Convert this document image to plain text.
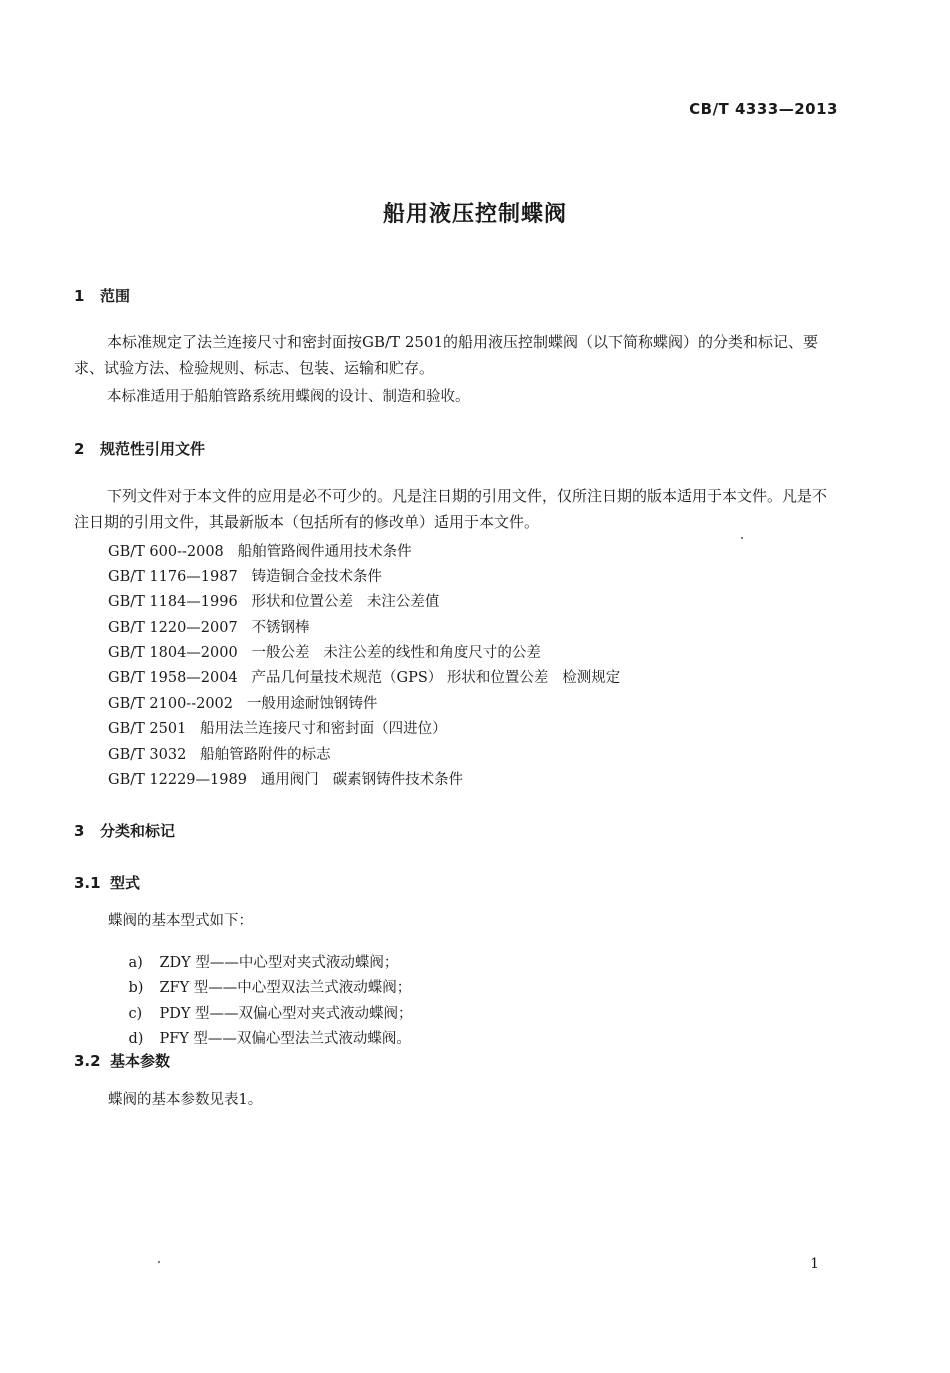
CB/T 4333—2013
船用液压控制蝶阀
1 范围
本标准规定了法兰连接尺寸和密封面按GB/T 2501的船用液压控制蝶阀（以下简称蝶阀）的分类和标记、要求、试验方法、检验规则、标志、包装、运输和贮存。
本标准适用于船舶管路系统用蝶阀的设计、制造和验收。
2 规范性引用文件
下列文件对于本文件的应用是必不可少的。凡是注日期的引用文件，仅所注日期的版本适用于本文件。凡是不注日期的引用文件，其最新版本（包括所有的修改单）适用于本文件。
GB/T 600--2008   船舶管路阀件通用技术条件
GB/T 1176—1987   铸造铜合金技术条件
GB/T 1184—1996   形状和位置公差   未注公差值
GB/T 1220—2007   不锈钢棒
GB/T 1804—2000   一般公差   未注公差的线性和角度尺寸的公差
GB/T 1958—2004   产品几何量技术规范（GPS） 形状和位置公差   检测规定
GB/T 2100--2002   一般用途耐蚀钢铸件
GB/T 2501   船用法兰连接尺寸和密封面（四进位）
GB/T 3032   船舶管路附件的标志
GB/T 12229—1989   通用阀门   碳素钢铸件技术条件
3 分类和标记
3.1 型式
蝶阀的基本型式如下：

a) ZDY 型——中心型对夹式液动蝶阀；

b) ZFY 型——中心型双法兰式液动蝶阀；

c) PDY 型——双偏心型对夹式液动蝶阀；

d) PFY 型——双偏心型法兰式液动蝶阀。

3.2 基本参数
蝶阀的基本参数见表1。
1
